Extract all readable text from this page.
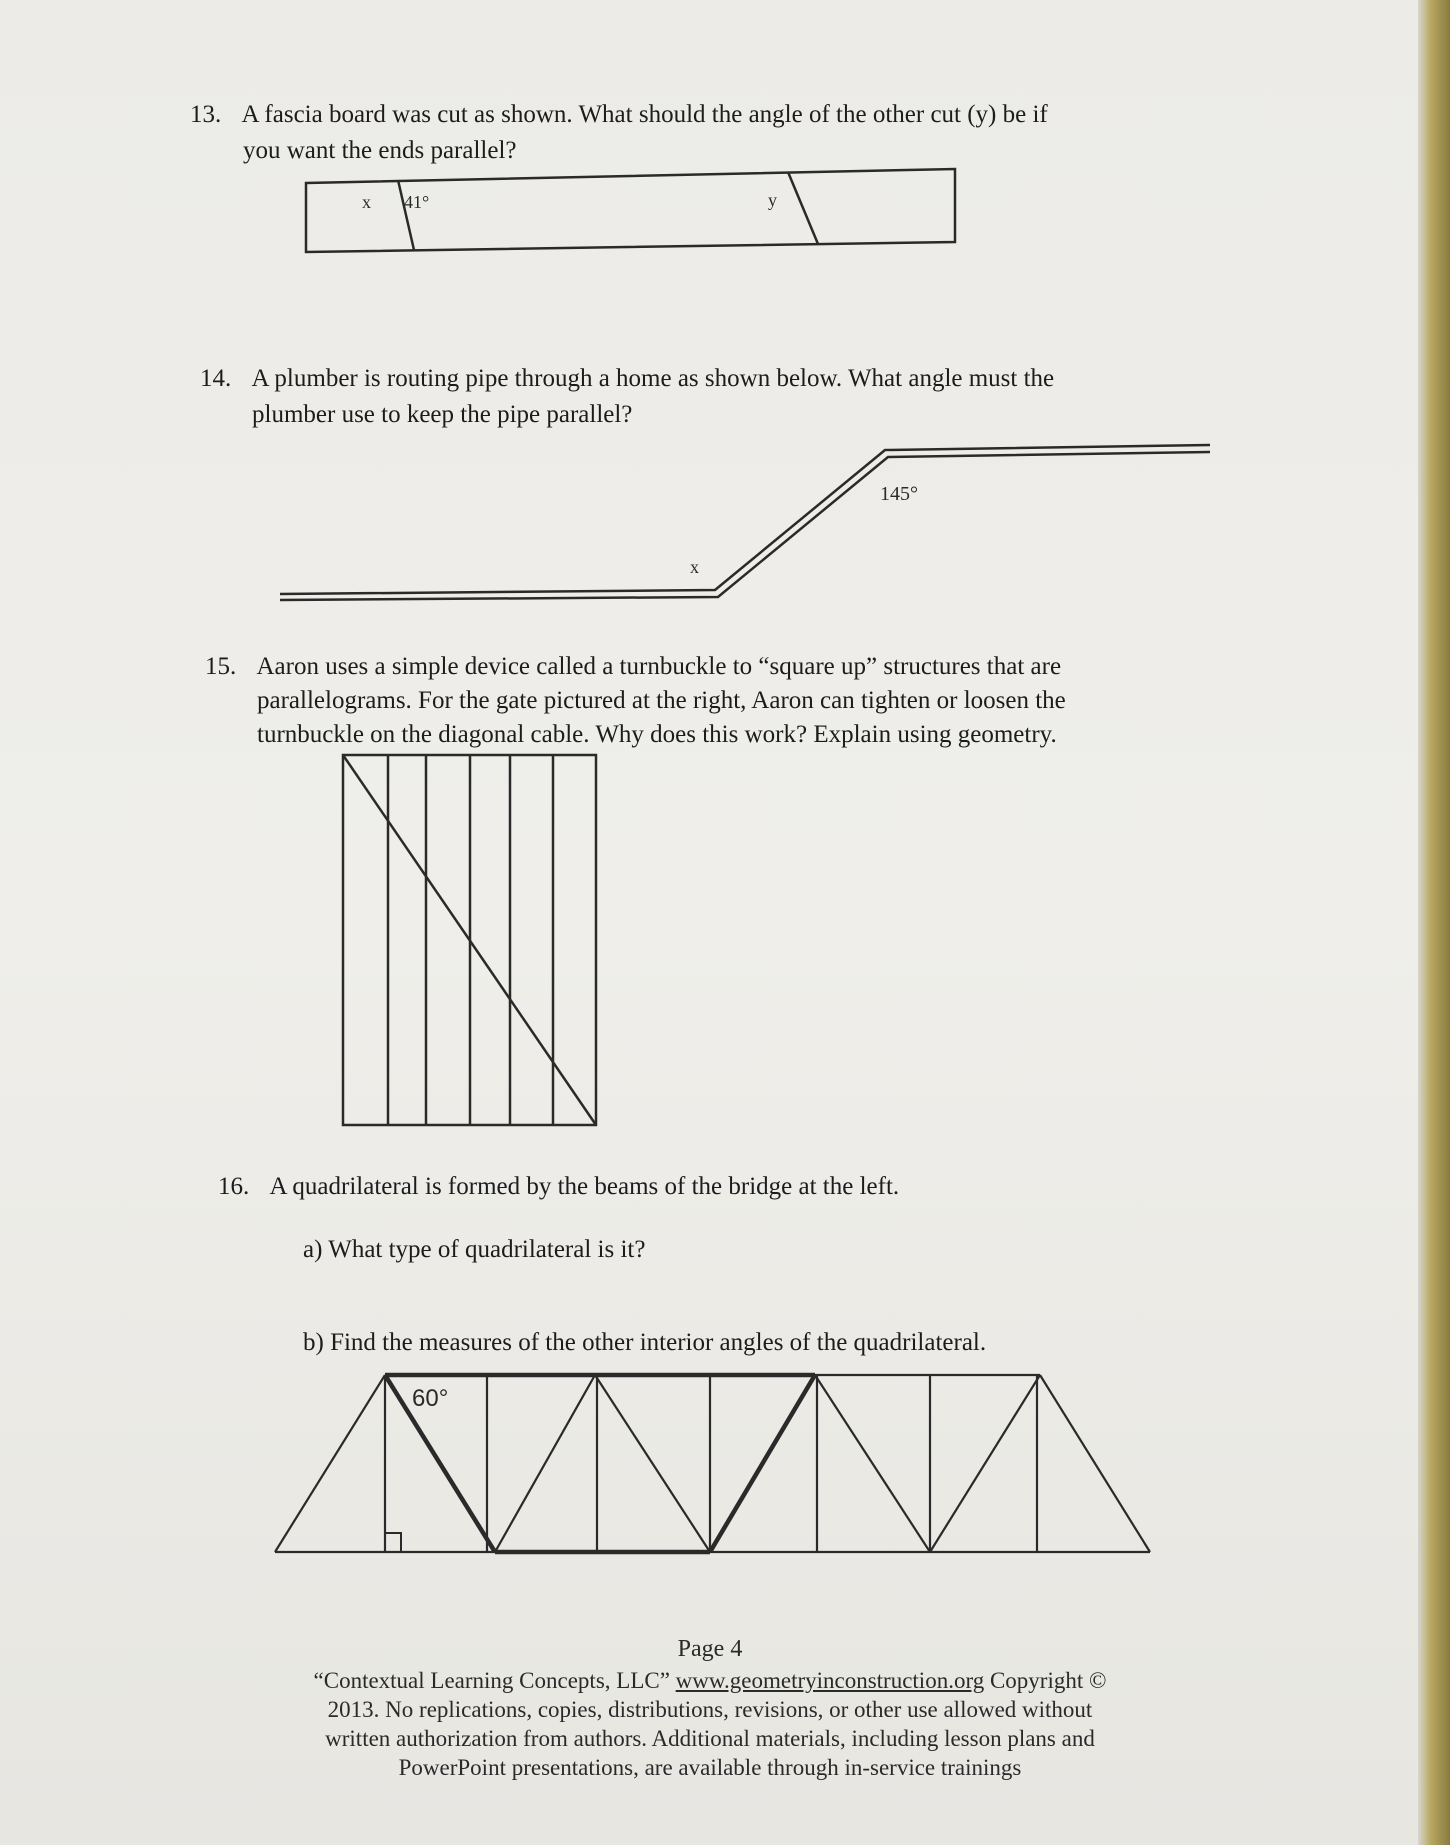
13. A fascia board was cut as shown. What should the angle of the other cut (y) be if
you want the ends parallel?
14. A plumber is routing pipe through a home as shown below. What angle must the
plumber use to keep the pipe parallel?
15. Aaron uses a simple device called a turnbuckle to “square up” structures that are
parallelograms. For the gate pictured at the right, Aaron can tighten or loosen the
turnbuckle on the diagonal cable. Why does this work? Explain using geometry.
16. A quadrilateral is formed by the beams of the bridge at the left.
a) What type of quadrilateral is it?
b) Find the measures of the other interior angles of the quadrilateral.
x 41°	y
145°
x
60°
Page 4
“Contextual Learning Concepts, LLC” www.geometryinconstruction.org Copyright ©
2013. No replications, copies, distributions, revisions, or other use allowed without
written authorization from authors. Additional materials, including lesson plans and
PowerPoint presentations, are available through in-service trainings
